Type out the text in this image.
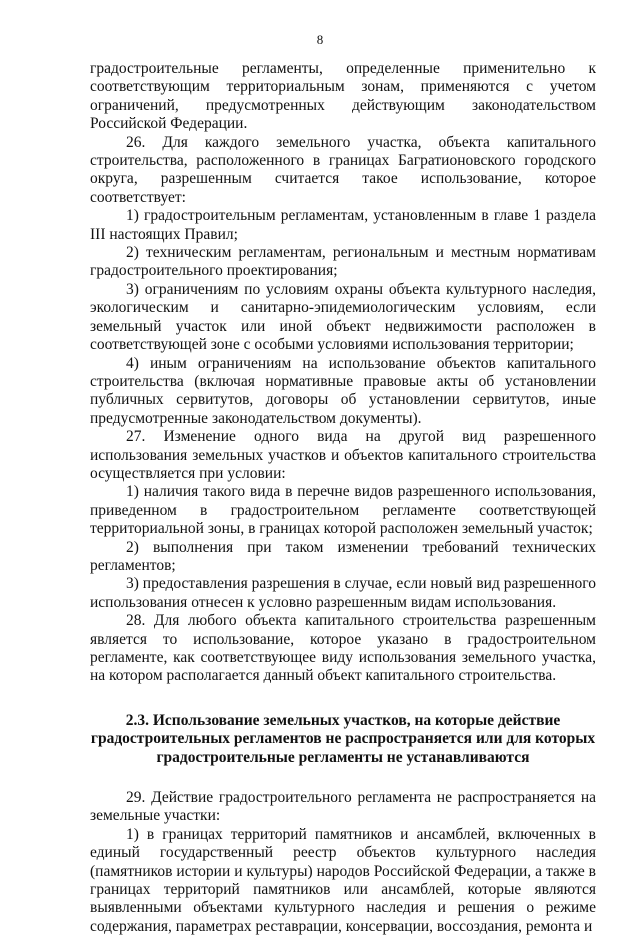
8

градостроительные регламенты, определенные применительно к соответствующим территориальным зонам, применяются с учетом ограничений, предусмотренных действующим законодательством Российской Федерации.

26. Для каждого земельного участка, объекта капитального строительства, расположенного в границах Багратионовского городского округа, разрешенным считается такое использование, которое соответствует:

1) градостроительным регламентам, установленным в главе 1 раздела III настоящих Правил;

2) техническим регламентам, региональным и местным нормативам градостроительного проектирования;

3) ограничениям по условиям охраны объекта культурного наследия, экологическим и санитарно-эпидемиологическим условиям, если земельный участок или иной объект недвижимости расположен в соответствующей зоне с особыми условиями использования территории;

4) иным ограничениям на использование объектов капитального строительства (включая нормативные правовые акты об установлении публичных сервитутов, договоры об установлении сервитутов, иные предусмотренные законодательством документы).

27. Изменение одного вида на другой вид разрешенного использования земельных участков и объектов капитального строительства осуществляется при условии:

1) наличия такого вида в перечне видов разрешенного использования, приведенном в градостроительном регламенте соответствующей территориальной зоны, в границах которой расположен земельный участок;

2) выполнения при таком изменении требований технических регламентов;

3) предоставления разрешения в случае, если новый вид разрешенного использования отнесен к условно разрешенным видам использования.

28. Для любого объекта капитального строительства разрешенным является то использование, которое указано в градостроительном регламенте, как соответствующее виду использования земельного участка, на котором располагается данный объект капитального строительства.

2.3. Использование земельных участков, на которые действие градостроительных регламентов не распространяется или для которых градостроительные регламенты не устанавливаются

29. Действие градостроительного регламента не распространяется на земельные участки:

1) в границах территорий памятников и ансамблей, включенных в единый государственный реестр объектов культурного наследия (памятников истории и культуры) народов Российской Федерации, а также в границах территорий памятников или ансамблей, которые являются выявленными объектами культурного наследия и решения о режиме содержания, параметрах реставрации, консервации, воссоздания, ремонта и
